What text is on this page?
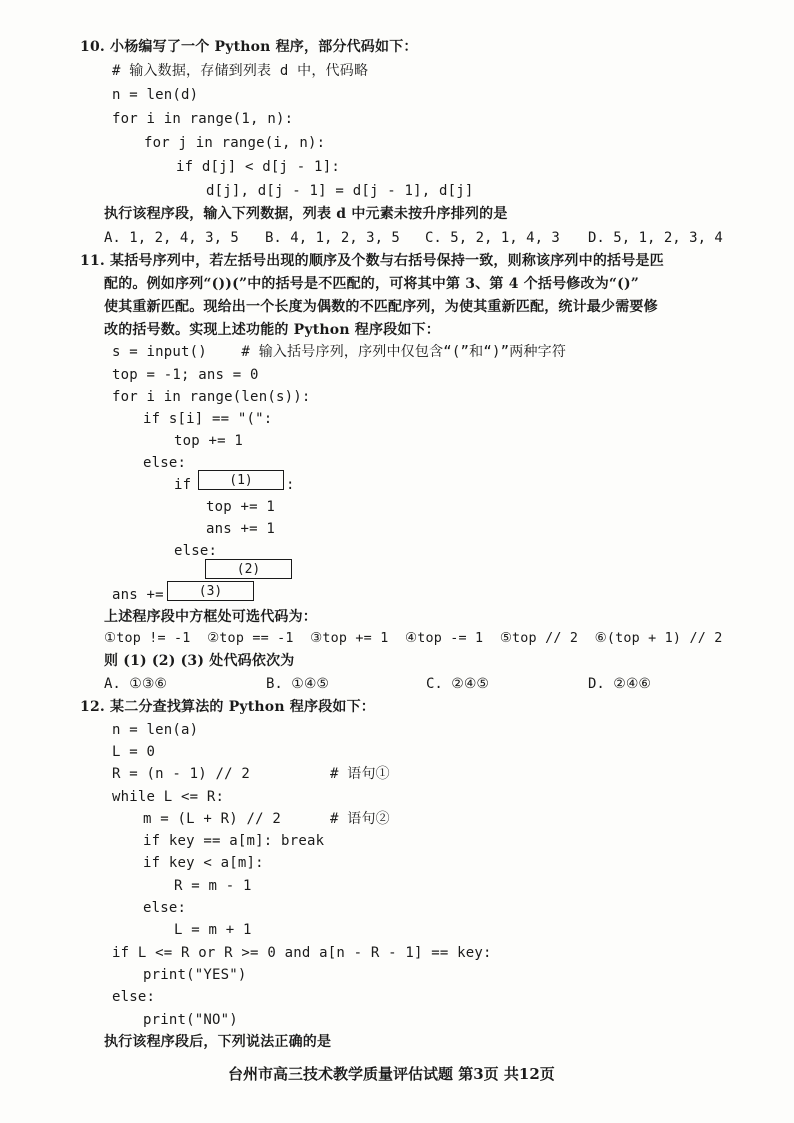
10. 小杨编写了一个 Python 程序，部分代码如下：
# 输入数据，存储到列表 d 中，代码略
n = len(d)
for i in range(1, n):
for j in range(i, n):
if d[j] < d[j - 1]:
d[j], d[j - 1] = d[j - 1], d[j]
执行该程序段，输入下列数据，列表 d 中元素未按升序排列的是
A. 1, 2, 4, 3, 5 B. 4, 1, 2, 3, 5 C. 5, 2, 1, 4, 3 D. 5, 1, 2, 3, 4
11. 某括号序列中，若左括号出现的顺序及个数与右括号保持一致，则称该序列中的括号是匹
配的。例如序列“())(”中的括号是不匹配的，可将其中第 3、第 4 个括号修改为“()”
使其重新匹配。现给出一个长度为偶数的不匹配序列，为使其重新匹配，统计最少需要修
改的括号数。实现上述功能的 Python 程序段如下：
s = input()    # 输入括号序列，序列中仅包含“(”和“)”两种字符
top = -1; ans = 0
for i in range(len(s)):
if s[i] == "(":
top += 1
else:
if	(1) :
top += 1
ans += 1
else:
(2)
ans +=	(3)
上述程序段中方框处可选代码为：
①top != -1  ②top == -1  ③top += 1  ④top -= 1  ⑤top // 2  ⑥(top + 1) // 2
则 (1) (2) (3) 处代码依次为
A. ①③⑥	B. ①④⑤	C. ②④⑤	D. ②④⑥
12. 某二分查找算法的 Python 程序段如下：
n = len(a)
L = 0
R = (n - 1) // 2	# 语句①
while L <= R:
m = (L + R) // 2	# 语句②
if key == a[m]: break
if key < a[m]:
R = m - 1
else:
L = m + 1
if L <= R or R >= 0 and a[n - R - 1] == key:
print("YES")
else:
print("NO")
执行该程序段后，下列说法正确的是
台州市高三技术教学质量评估试题 第3页 共12页
